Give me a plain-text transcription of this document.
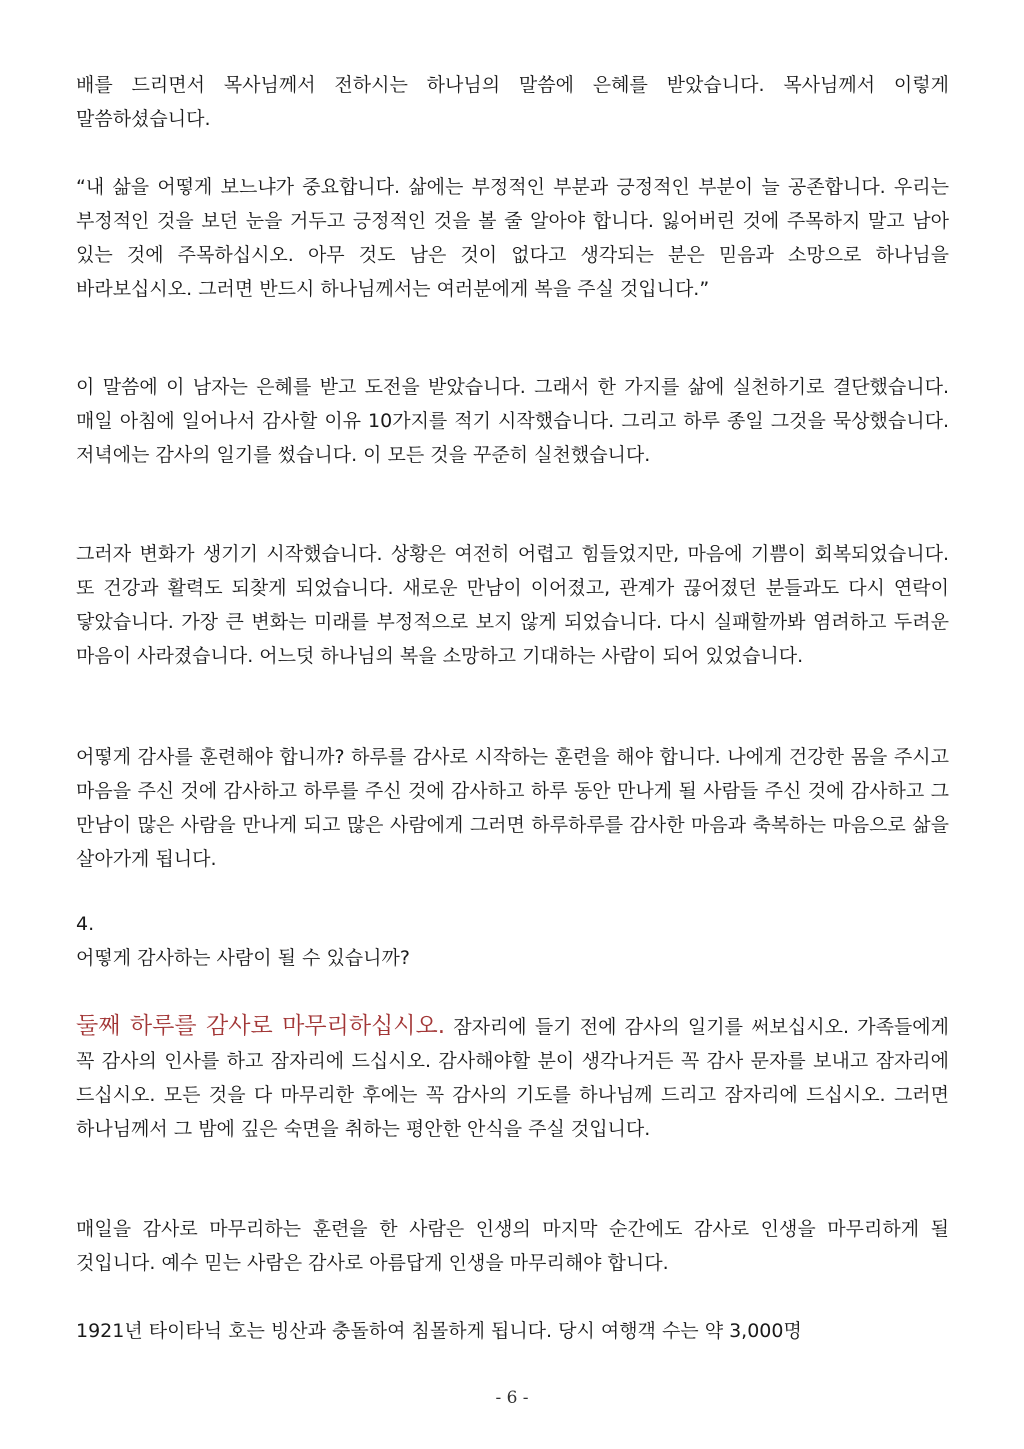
배를 드리면서 목사님께서 전하시는 하나님의 말씀에 은혜를 받았습니다. 목사님께서 이렇게 말씀하셨습니다.

“내 삶을 어떻게 보느냐가 중요합니다. 삶에는 부정적인 부분과 긍정적인 부분이 늘 공존합니다. 우리는 부정적인 것을 보던 눈을 거두고 긍정적인 것을 볼 줄 알아야 합니다. 잃어버린 것에 주목하지 말고 남아 있는 것에 주목하십시오. 아무 것도 남은 것이 없다고 생각되는 분은 믿음과 소망으로 하나님을 바라보십시오. 그러면 반드시 하나님께서는 여러분에게 복을 주실 것입니다.”

이 말씀에 이 남자는 은혜를 받고 도전을 받았습니다. 그래서 한 가지를 삶에 실천하기로 결단했습니다. 매일 아침에 일어나서 감사할 이유 10가지를 적기 시작했습니다. 그리고 하루 종일 그것을 묵상했습니다. 저녁에는 감사의 일기를 썼습니다. 이 모든 것을 꾸준히 실천했습니다.

그러자 변화가 생기기 시작했습니다. 상황은 여전히 어렵고 힘들었지만, 마음에 기쁨이 회복되었습니다. 또 건강과 활력도 되찾게 되었습니다. 새로운 만남이 이어졌고, 관계가 끊어졌던 분들과도 다시 연락이 닿았습니다. 가장 큰 변화는 미래를 부정적으로 보지 않게 되었습니다. 다시 실패할까봐 염려하고 두려운 마음이 사라졌습니다. 어느덧 하나님의 복을 소망하고 기대하는 사람이 되어 있었습니다.

어떻게 감사를 훈련해야 합니까? 하루를 감사로 시작하는 훈련을 해야 합니다. 나에게 건강한 몸을 주시고 마음을 주신 것에 감사하고 하루를 주신 것에 감사하고 하루 동안 만나게 될 사람들 주신 것에 감사하고 그 만남이 많은 사람을 만나게 되고 많은 사람에게 그러면 하루하루를 감사한 마음과 축복하는 마음으로 삶을 살아가게 됩니다.

4.
어떻게 감사하는 사람이 될 수 있습니까?

둘째 하루를 감사로 마무리하십시오. 잠자리에 들기 전에 감사의 일기를 써보십시오. 가족들에게 꼭 감사의 인사를 하고 잠자리에 드십시오. 감사해야할 분이 생각나거든 꼭 감사 문자를 보내고 잠자리에 드십시오. 모든 것을 다 마무리한 후에는 꼭 감사의 기도를 하나님께 드리고 잠자리에 드십시오. 그러면 하나님께서 그 밤에 깊은 숙면을 취하는 평안한 안식을 주실 것입니다.

매일을 감사로 마무리하는 훈련을 한 사람은 인생의 마지막 순간에도 감사로 인생을 마무리하게 될 것입니다. 예수 믿는 사람은 감사로 아름답게 인생을 마무리해야 합니다.

1921년 타이타닉 호는 빙산과 충돌하여 침몰하게 됩니다. 당시 여행객 수는 약 3,000명

- 6 -
